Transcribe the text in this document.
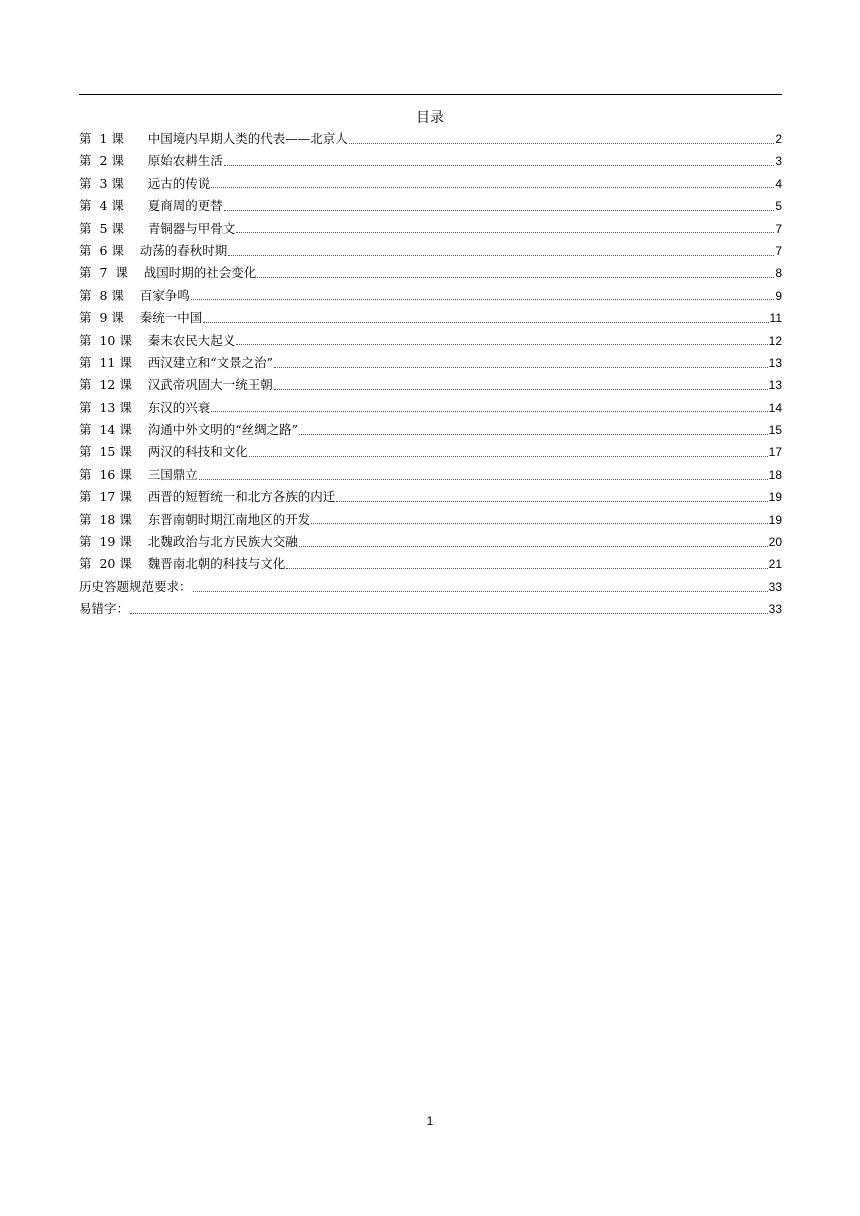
目录
第  1 课      中国境内早期人类的代表——北京人	2
第  2 课      原始农耕生活	3
第  3 课      远古的传说	4
第  4 课      夏商周的更替	5
第  5 课      青铜器与甲骨文	7
第  6 课    动荡的春秋时期	7
第  7  课    战国时期的社会变化	8
第  8 课    百家争鸣	9
第  9 课    秦统一中国	11
第  10 课    秦末农民大起义	12
第  11 课    西汉建立和“文景之治”	13
第  12 课    汉武帝巩固大一统王朝	13
第  13 课    东汉的兴衰	14
第  14 课    沟通中外文明的“丝绸之路”	15
第  15 课    两汉的科技和文化	17
第  16 课    三国鼎立	18
第  17 课    西晋的短暂统一和北方各族的内迁	19
第  18 课    东晋南朝时期江南地区的开发	19
第  19 课    北魏政治与北方民族大交融	20
第  20 课    魏晋南北朝的科技与文化	21
历史答题规范要求：	33
易错字：	33
1
